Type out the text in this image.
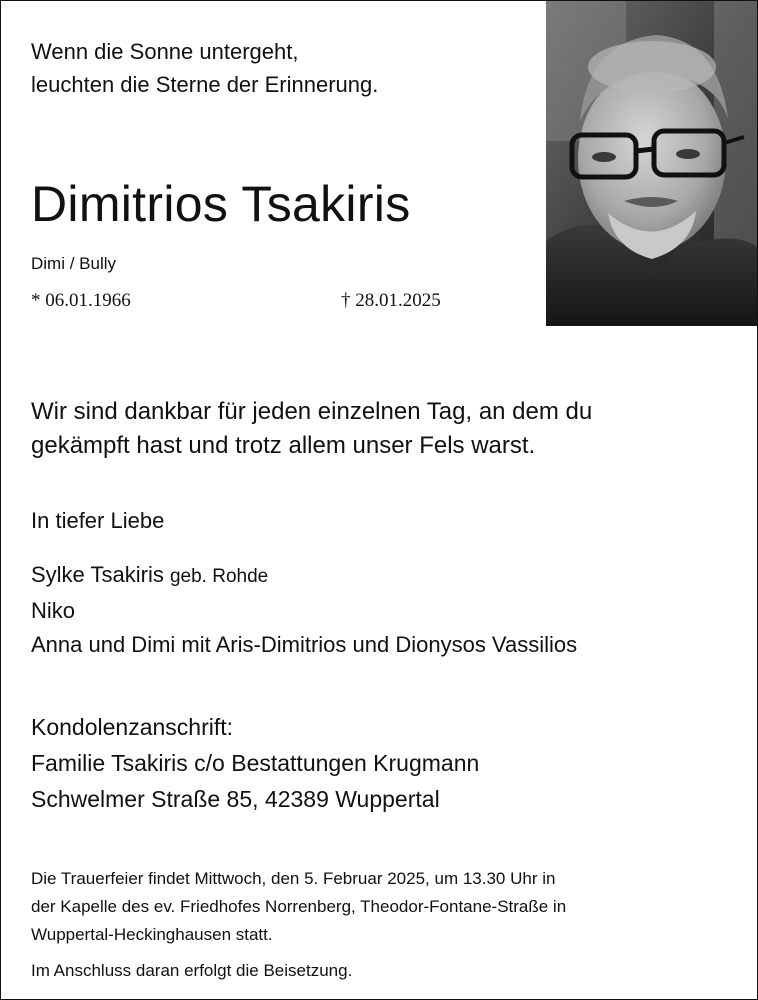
Wenn die Sonne untergeht,
leuchten die Sterne der Erinnerung.
Dimitrios Tsakiris
Dimi / Bully
* 06.01.1966	† 28.01.2025
Wir sind dankbar für jeden einzelnen Tag, an dem du
gekämpft hast und trotz allem unser Fels warst.
In tiefer Liebe
Sylke Tsakiris geb. Rohde
Niko
Anna und Dimi mit Aris-Dimitrios und Dionysos Vassilios
Kondolenzanschrift:
Familie Tsakiris c/o Bestattungen Krugmann
Schwelmer Straße 85, 42389 Wuppertal
Die Trauerfeier findet Mittwoch, den 5. Februar 2025, um 13.30 Uhr in
der Kapelle des ev. Friedhofes Norrenberg, Theodor-Fontane-Straße in
Wuppertal-Heckinghausen statt.
Im Anschluss daran erfolgt die Beisetzung.
